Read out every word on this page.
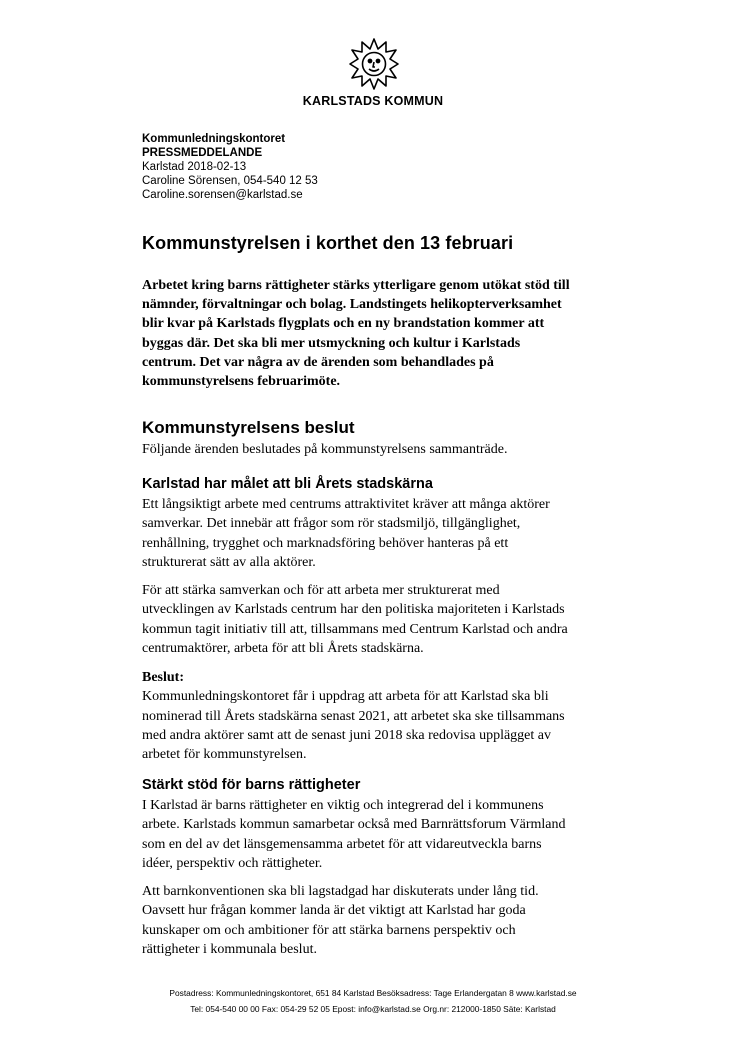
KARLSTADS KOMMUN
Kommunledningskontoret
PRESSMEDDELANDE
Karlstad 2018-02-13
Caroline Sörensen, 054-540 12 53
Caroline.sorensen@karlstad.se
Kommunstyrelsen i korthet den 13 februari
Arbetet kring barns rättigheter stärks ytterligare genom utökat stöd till
nämnder, förvaltningar och bolag. Landstingets helikopterverksamhet
blir kvar på Karlstads flygplats och en ny brandstation kommer att
byggas där. Det ska bli mer utsmyckning och kultur i Karlstads
centrum. Det var några av de ärenden som behandlades på
kommunstyrelsens februarimöte.
Kommunstyrelsens beslut
Följande ärenden beslutades på kommunstyrelsens sammanträde.
Karlstad har målet att bli Årets stadskärna
Ett långsiktigt arbete med centrums attraktivitet kräver att många aktörer
samverkar. Det innebär att frågor som rör stadsmiljö, tillgänglighet,
renhållning, trygghet och marknadsföring behöver hanteras på ett
strukturerat sätt av alla aktörer.
För att stärka samverkan och för att arbeta mer strukturerat med
utvecklingen av Karlstads centrum har den politiska majoriteten i Karlstads
kommun tagit initiativ till att, tillsammans med Centrum Karlstad och andra
centrumaktörer, arbeta för att bli Årets stadskärna.
Beslut:
Kommunledningskontoret får i uppdrag att arbeta för att Karlstad ska bli
nominerad till Årets stadskärna senast 2021, att arbetet ska ske tillsammans
med andra aktörer samt att de senast juni 2018 ska redovisa upplägget av
arbetet för kommunstyrelsen.
Stärkt stöd för barns rättigheter
I Karlstad är barns rättigheter en viktig och integrerad del i kommunens
arbete. Karlstads kommun samarbetar också med Barnrättsforum Värmland
som en del av det länsgemensamma arbetet för att vidareutveckla barns
idéer, perspektiv och rättigheter.
Att barnkonventionen ska bli lagstadgad har diskuterats under lång tid.
Oavsett hur frågan kommer landa är det viktigt att Karlstad har goda
kunskaper om och ambitioner för att stärka barnens perspektiv och
rättigheter i kommunala beslut.
Postadress: Kommunledningskontoret, 651 84 Karlstad Besöksadress: Tage Erlandergatan 8 www.karlstad.se
Tel: 054-540 00 00 Fax: 054-29 52 05 Epost: info@karlstad.se Org.nr: 212000-1850 Säte: Karlstad
